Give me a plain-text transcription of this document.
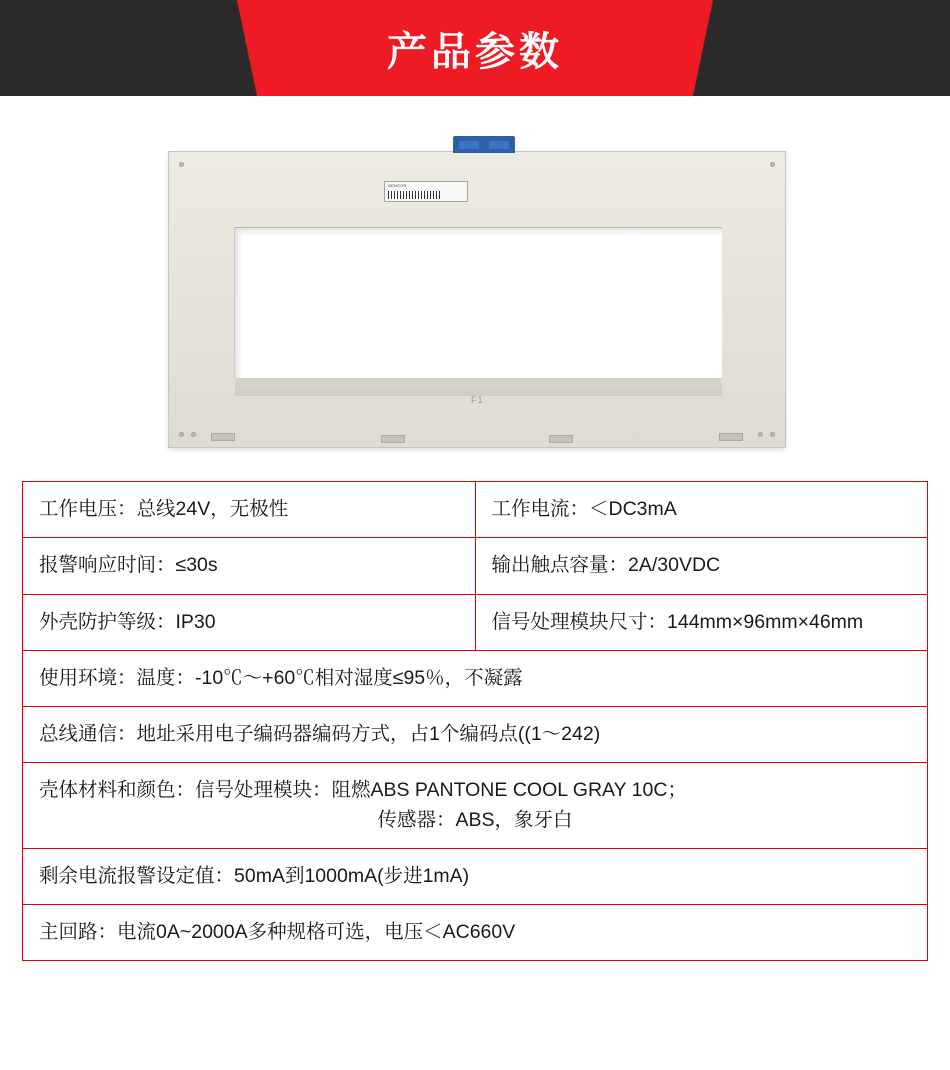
产品参数
SENSOR
F1
工作电压：总线24V，无极性	工作电流：＜DC3mA
报警响应时间：≤30s	输出触点容量：2A/30VDC
外壳防护等级：IP30	信号处理模块尺寸：144mm×96mm×46mm
使用环境：温度：-10℃～+60℃相对湿度≤95％，不凝露	
总线通信：地址采用电子编码器编码方式，占1个编码点((1～242)	

壳体材料和颜色：信号处理模块：阻燃ABS PANTONE COOL GRAY 10C；
传感器：ABS，象牙白	

剩余电流报警设定值：50mA到1000mA(步进1mA)	
主回路：电流0A~2000A多种规格可选，电压＜AC660V	
